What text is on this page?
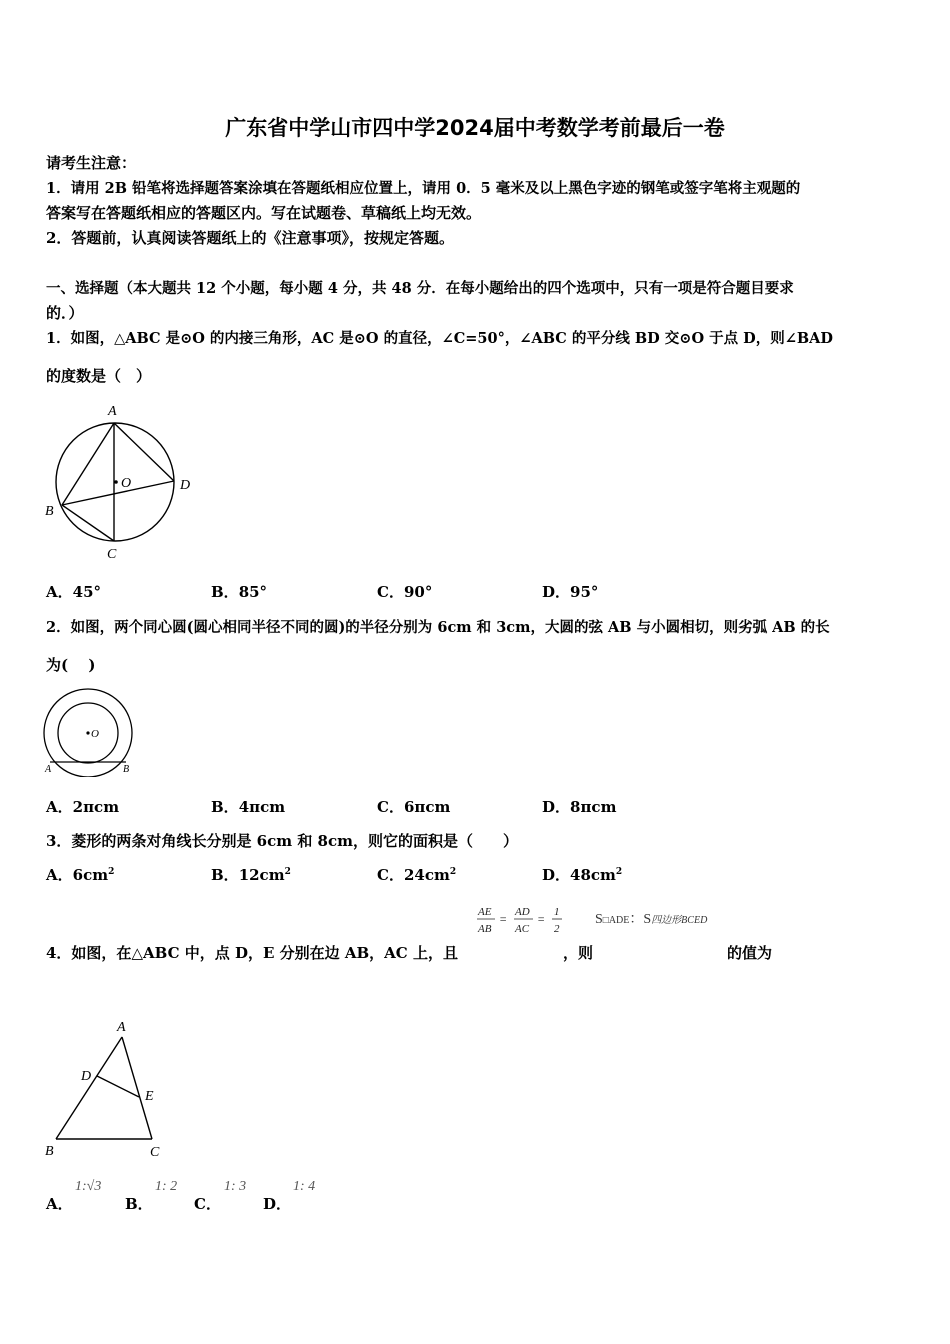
广东省中学山市四中学2024届中考数学考前最后一卷
请考生注意：
1．请用 2B 铅笔将选择题答案涂填在答题纸相应位置上，请用 0．5 毫米及以上黑色字迹的钢笔或签字笔将主观题的
答案写在答题纸相应的答题区内。写在试题卷、草稿纸上均无效。
2．答题前，认真阅读答题纸上的《注意事项》，按规定答题。
一、选择题（本大题共 12 个小题，每小题 4 分，共 48 分．在每小题给出的四个选项中，只有一项是符合题目要求
的．）
1．如图，△ABC 是⊙O 的内接三角形，AC 是⊙O 的直径，∠C=50°，∠ABC 的平分线 BD 交⊙O 于点 D，则∠BAD
的度数是（　）
A
B
C
D
O
A．45°	B．85°	C．90°	D．95°
2．如图，两个同心圆(圆心相同半径不同的圆)的半径分别为 6cm 和 3cm，大圆的弦 AB 与小圆相切，则劣弧 AB 的长
为(　 )
O
A	B
A．2πcm	B．4πcm	C．6πcm	D．8πcm
3．菱形的两条对角线长分别是 6cm 和 8cm，则它的面积是（　　）
A．$6cm^2$	B．$12cm^2$	C．$24cm^2$	D．$48cm^2$
AE
AB
= AD
AC
= 1
2
S□ADE：S四边形BCED
4．如图，在△ABC 中，点 D，E 分别在边 AB，AC 上，且	，则	的值为
A
D
E
B	C
A．
1:√3
B．
1: 2
C．
1: 3
D．
1: 4
